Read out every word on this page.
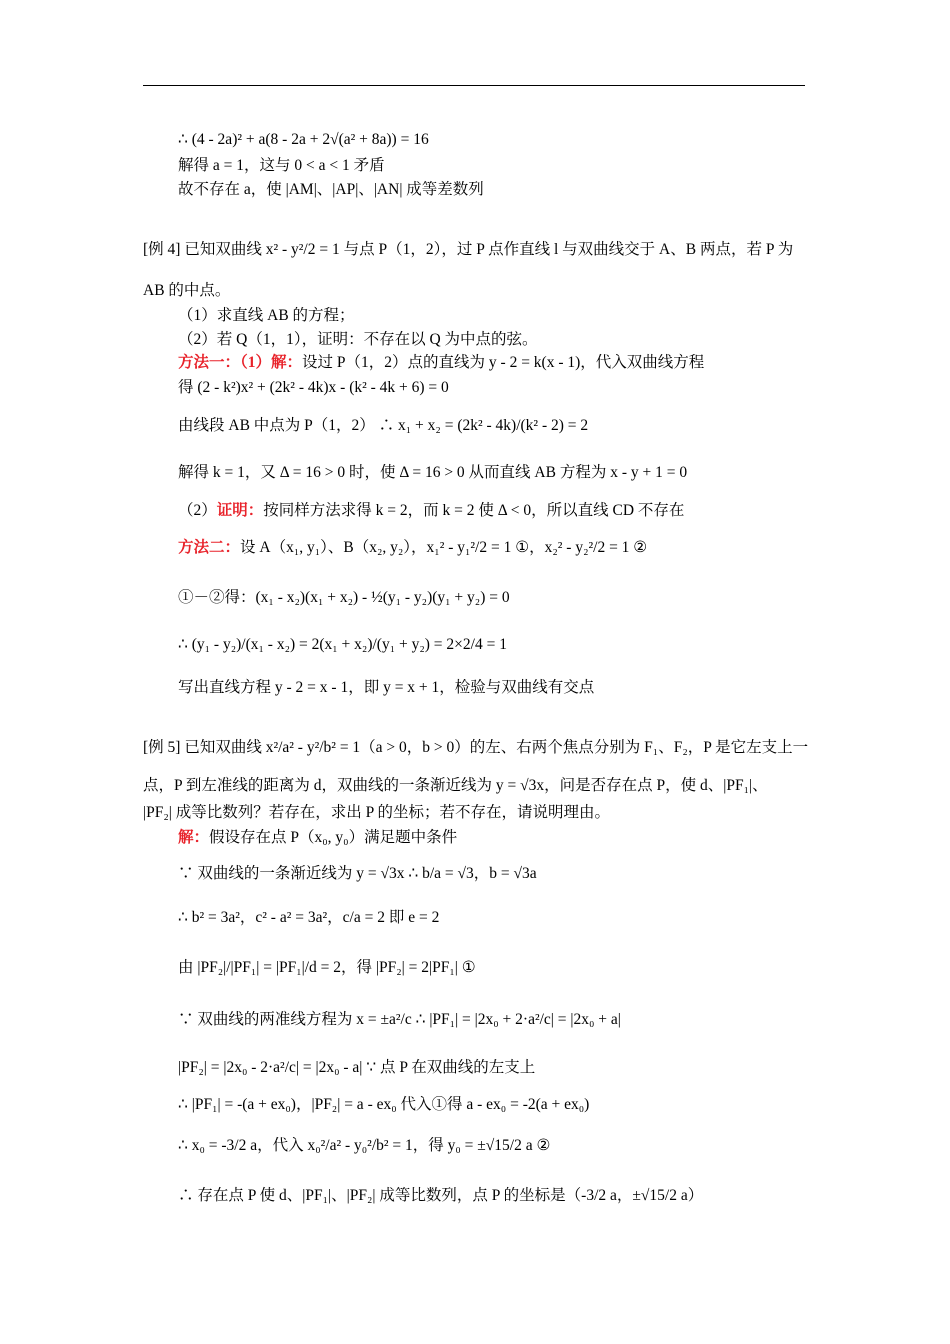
∴ (4 - 2a)² + a(8 - 2a + 2√(a² + 8a)) = 16
解得 a = 1，这与 0 < a < 1 矛盾
故不存在 a，使 |AM|、|AP|、|AN| 成等差数列
[例 4] 已知双曲线 x² - y²/2 = 1 与点 P（1，2），过 P 点作直线 l 与双曲线交于 A、B 两点，若 P 为
AB 的中点。
（1）求直线 AB 的方程；
（2）若 Q（1，1），证明：不存在以 Q 为中点的弦。
方法一：（1）解：设过 P（1，2）点的直线为 y - 2 = k(x - 1)，代入双曲线方程
得 (2 - k²)x² + (2k² - 4k)x - (k² - 4k + 6) = 0
由线段 AB 中点为 P（1，2） ∴ x₁ + x₂ = (2k² - 4k)/(k² - 2) = 2
解得 k = 1，又 Δ = 16 > 0 时，使 Δ = 16 > 0 从而直线 AB 方程为 x - y + 1 = 0
（2）证明：按同样方法求得 k = 2，而 k = 2 使 Δ < 0，所以直线 CD 不存在
方法二：设 A（x₁, y₁）、B（x₂, y₂），x₁² - y₁²/2 = 1 ①，x₂² - y₂²/2 = 1 ②
①－②得：(x₁ - x₂)(x₁ + x₂) - ½(y₁ - y₂)(y₁ + y₂) = 0
∴ (y₁ - y₂)/(x₁ - x₂) = 2(x₁ + x₂)/(y₁ + y₂) = 2×2/4 = 1
写出直线方程 y - 2 = x - 1，即 y = x + 1，检验与双曲线有交点
[例 5] 已知双曲线 x²/a² - y²/b² = 1（a > 0，b > 0）的左、右两个焦点分别为 F₁、F₂，P 是它左支上一
点，P 到左准线的距离为 d，双曲线的一条渐近线为 y = √3x，问是否存在点 P，使 d、|PF₁|、
|PF₂| 成等比数列？若存在，求出 P 的坐标；若不存在，请说明理由。
解：假设存在点 P（x₀, y₀）满足题中条件
∵ 双曲线的一条渐近线为 y = √3x ∴ b/a = √3，b = √3a
∴ b² = 3a²，c² - a² = 3a²，c/a = 2 即 e = 2
由 |PF₂|/|PF₁| = |PF₁|/d = 2，得 |PF₂| = 2|PF₁| ①
∵ 双曲线的两准线方程为 x = ±a²/c ∴ |PF₁| = |2x₀ + 2·a²/c| = |2x₀ + a|
|PF₂| = |2x₀ - 2·a²/c| = |2x₀ - a| ∵ 点 P 在双曲线的左支上
∴ |PF₁| = -(a + ex₀)，|PF₂| = a - ex₀ 代入①得 a - ex₀ = -2(a + ex₀)
∴ x₀ = -3/2 a，代入 x₀²/a² - y₀²/b² = 1，得 y₀ = ±√15/2 a ②
∴ 存在点 P 使 d、|PF₁|、|PF₂| 成等比数列，点 P 的坐标是（-3/2 a，±√15/2 a）
